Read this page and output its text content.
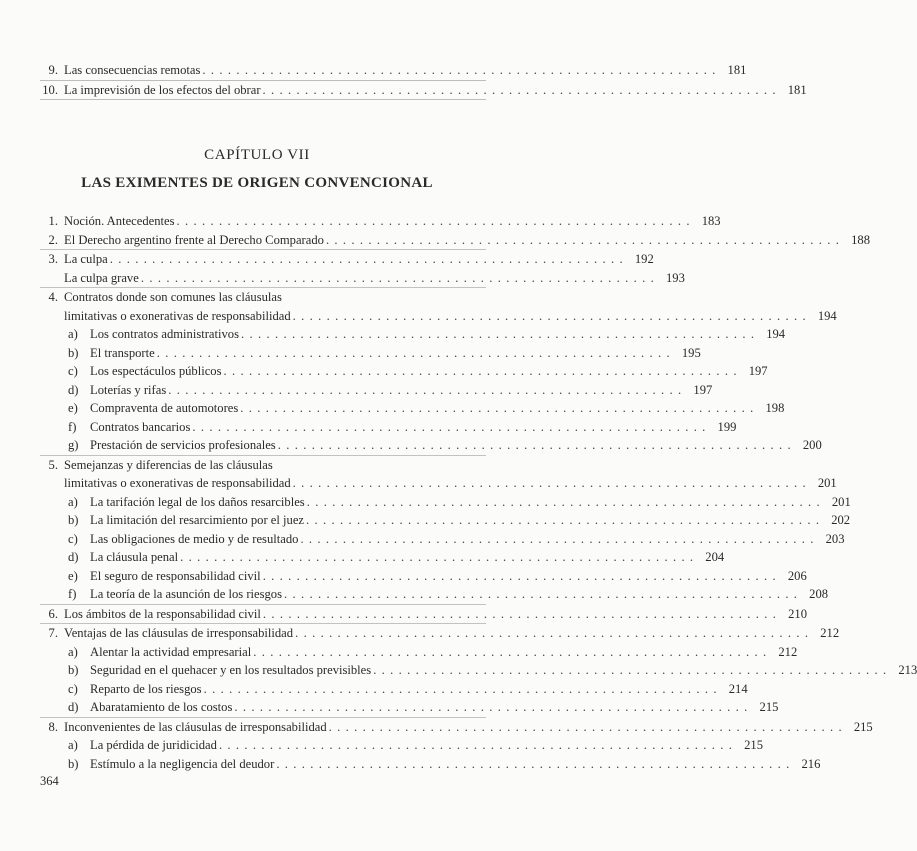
9. Las consecuencias remotas . . . . . . . . . . . . . . . . . . . . . . . . . . . . . . . . . . . . . . . . . . . . . . . . . . . . . . . . . . . . . 181
10. La imprevisión de los efectos del obrar . . . . . . . . . . . . . . . . . . . . . . . . . . . . . . . . . . . . . . . . . . . . . . . . . . . . . . . . . . . . . 181
CAPÍTULO VII
LAS EXIMENTES DE ORIGEN CONVENCIONAL
1. Noción. Antecedentes . . . . . . . . . . . . . . . . . . . . . . . . . . . . . . . . . . . . . . . . . . . . . . . . . . . . . . . . . . . . . 183
2. El Derecho argentino frente al Derecho Comparado . . . . . . . . . . . . . . . . . . . . . . . . . . . . . . . . . . . . . . . . . . . . . . . . . . . . . . . . . . . . . 188
3. La culpa . . . . . . . . . . . . . . . . . . . . . . . . . . . . . . . . . . . . . . . . . . . . . . . . . . . . . . . . . . . . . 192
La culpa grave . . . . . . . . . . . . . . . . . . . . . . . . . . . . . . . . . . . . . . . . . . . . . . . . . . . . . . . . . . . . . 193
4. Contratos donde son comunes las cláusulas
limitativas o exonerativas de responsabilidad . . . . . . . . . . . . . . . . . . . . . . . . . . . . . . . . . . . . . . . . . . . . . . . . . . . . . . . . . . . . . 194
a) Los contratos administrativos . . . . . . . . . . . . . . . . . . . . . . . . . . . . . . . . . . . . . . . . . . . . . . . . . . . . . . . . . . . . . 194
b) El transporte . . . . . . . . . . . . . . . . . . . . . . . . . . . . . . . . . . . . . . . . . . . . . . . . . . . . . . . . . . . . . 195
c) Los espectáculos públicos . . . . . . . . . . . . . . . . . . . . . . . . . . . . . . . . . . . . . . . . . . . . . . . . . . . . . . . . . . . . . 197
d) Loterías y rifas . . . . . . . . . . . . . . . . . . . . . . . . . . . . . . . . . . . . . . . . . . . . . . . . . . . . . . . . . . . . . 197
e) Compraventa de automotores . . . . . . . . . . . . . . . . . . . . . . . . . . . . . . . . . . . . . . . . . . . . . . . . . . . . . . . . . . . . . 198
f)	Contratos bancarios . . . . . . . . . . . . . . . . . . . . . . . . . . . . . . . . . . . . . . . . . . . . . . . . . . . . . . . . . . . . . 199
g) Prestación de servicios profesionales . . . . . . . . . . . . . . . . . . . . . . . . . . . . . . . . . . . . . . . . . . . . . . . . . . . . . . . . . . . . . 200
5. Semejanzas y diferencias de las cláusulas
limitativas o exonerativas de responsabilidad . . . . . . . . . . . . . . . . . . . . . . . . . . . . . . . . . . . . . . . . . . . . . . . . . . . . . . . . . . . . . 201
a) La tarifación legal de los daños resarcibles . . . . . . . . . . . . . . . . . . . . . . . . . . . . . . . . . . . . . . . . . . . . . . . . . . . . . . . . . . . . . 201
b) La limitación del resarcimiento por el juez . . . . . . . . . . . . . . . . . . . . . . . . . . . . . . . . . . . . . . . . . . . . . . . . . . . . . . . . . . . . . 202
c) Las obligaciones de medio y de resultado . . . . . . . . . . . . . . . . . . . . . . . . . . . . . . . . . . . . . . . . . . . . . . . . . . . . . . . . . . . . . 203
d) La cláusula penal . . . . . . . . . . . . . . . . . . . . . . . . . . . . . . . . . . . . . . . . . . . . . . . . . . . . . . . . . . . . . 204
e) El seguro de responsabilidad civil . . . . . . . . . . . . . . . . . . . . . . . . . . . . . . . . . . . . . . . . . . . . . . . . . . . . . . . . . . . . . 206
f)	La teoría de la asunción de los riesgos . . . . . . . . . . . . . . . . . . . . . . . . . . . . . . . . . . . . . . . . . . . . . . . . . . . . . . . . . . . . . 208
6. Los ámbitos de la responsabilidad civil . . . . . . . . . . . . . . . . . . . . . . . . . . . . . . . . . . . . . . . . . . . . . . . . . . . . . . . . . . . . . 210
7. Ventajas de las cláusulas de irresponsabilidad . . . . . . . . . . . . . . . . . . . . . . . . . . . . . . . . . . . . . . . . . . . . . . . . . . . . . . . . . . . . . 212
a) Alentar la actividad empresarial . . . . . . . . . . . . . . . . . . . . . . . . . . . . . . . . . . . . . . . . . . . . . . . . . . . . . . . . . . . . . 212
b) Seguridad en el quehacer y en los resultados previsibles . . . . . . . . . . . . . . . . . . . . . . . . . . . . . . . . . . . . . . . . . . . . . . . . . . . . . . . . . . . . . 213
c) Reparto de los riesgos . . . . . . . . . . . . . . . . . . . . . . . . . . . . . . . . . . . . . . . . . . . . . . . . . . . . . . . . . . . . . 214
d) Abaratamiento de los costos . . . . . . . . . . . . . . . . . . . . . . . . . . . . . . . . . . . . . . . . . . . . . . . . . . . . . . . . . . . . . 215
8. Inconvenientes de las cláusulas de irresponsabilidad . . . . . . . . . . . . . . . . . . . . . . . . . . . . . . . . . . . . . . . . . . . . . . . . . . . . . . . . . . . . . 215
a) La pérdida de juridicidad . . . . . . . . . . . . . . . . . . . . . . . . . . . . . . . . . . . . . . . . . . . . . . . . . . . . . . . . . . . . . 215
b) Estímulo a la negligencia del deudor . . . . . . . . . . . . . . . . . . . . . . . . . . . . . . . . . . . . . . . . . . . . . . . . . . . . . . . . . . . . . 216
364
